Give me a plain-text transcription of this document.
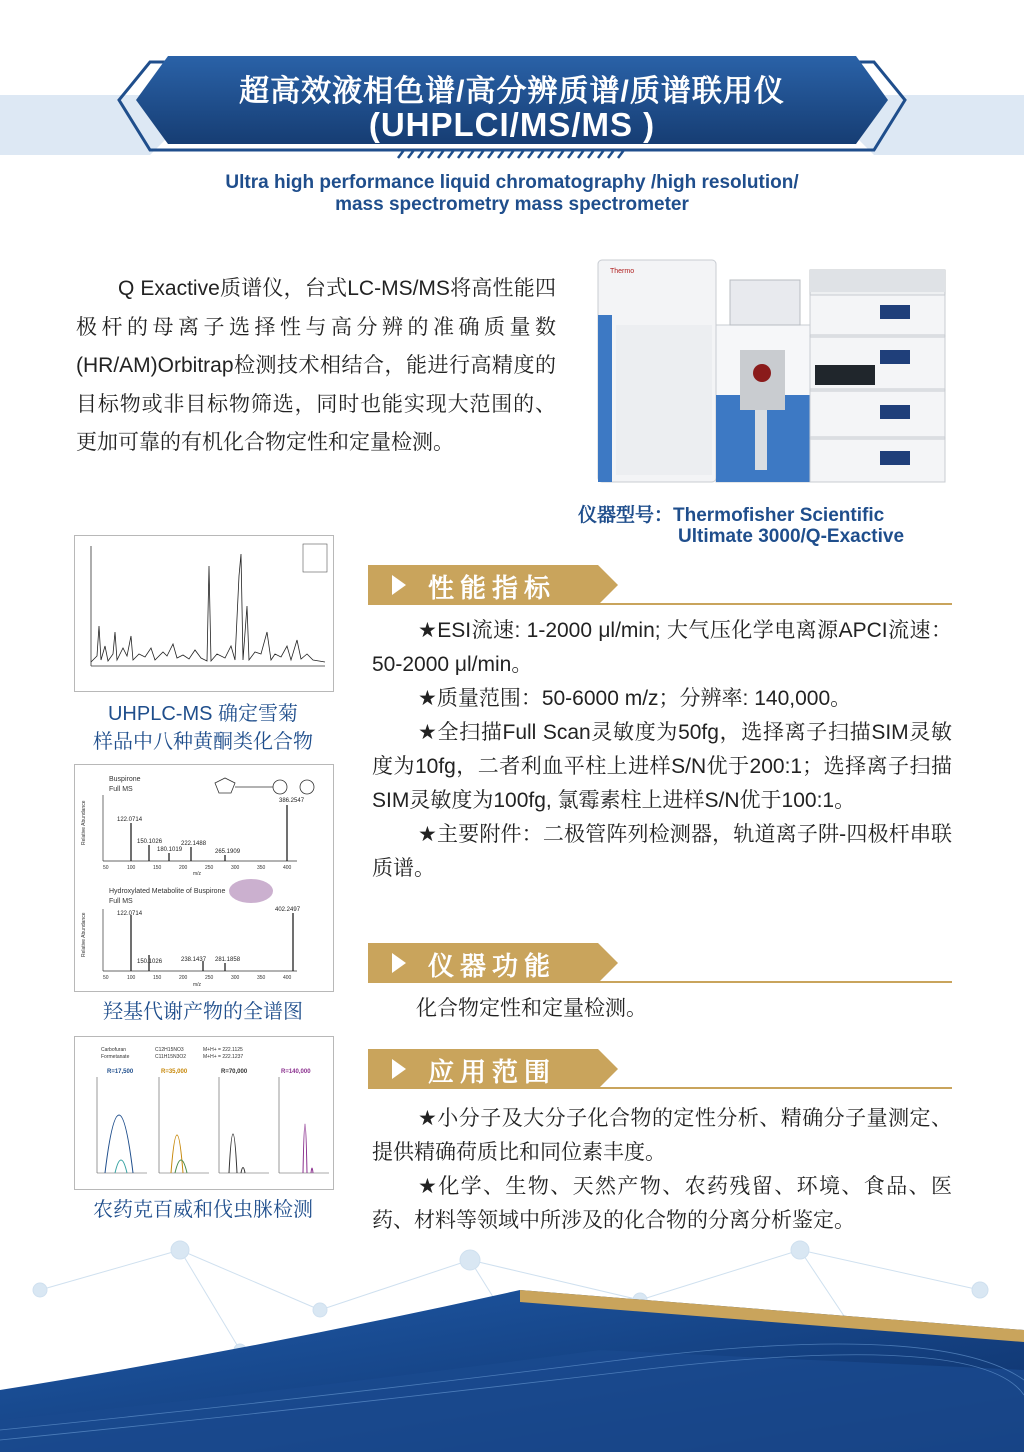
超高效液相色谱/高分辨质谱/质谱联用仪
(UHPLCI/MS/MS )
Ultra high performance liquid chromatography /high resolution/
mass spectrometry mass spectrometer

Q Exactive质谱仪，台式LC-MS/MS将高性能四极杆的母离子选择性与高分辨的准确质量数(HR/AM)Orbitrap检测技术相结合，能进行高精度的目标物或非目标物筛选，同时也能实现大范围的、更加可靠的有机化合物定性和定量检测。

Thermo
仪器型号：Thermofisher Scientific
Ultimate 3000/Q-Exactive
UHPLC-MS 确定雪菊
样品中八种黄酮类化合物
Buspirone
Full MS
122.0714
386.2547
150.1026
180.1019
222.1488
265.1909
Relative Abundance
50	100	150	200	250	300	350	400
m/z
Hydroxylated Metabolite of Buspirone
Full MS
122.0714
402.2497
150.1026	238.1437 281.1858
Relative Abundance
50	100	150	200	250	300	350	400
m/z
羟基代谢产物的全谱图
Carbofuran
Formetanate
C12H15NO3
C11H15N3O2
M+H+ = 222.1125
M+H+ = 222.1237
R=17,500	R=35,000	R=70,000	R=140,000
农药克百威和伐虫脒检测
性能指标
仪器功能
应用范围

★ESI流速: 1-2000 μl/min; 大气压化学电离源APCI流速：50-2000 μl/min。

★质量范围：50-6000 m/z；分辨率: 140,000。

★全扫描Full Scan灵敏度为50fg，选择离子扫描SIM灵敏度为10fg，二者利血平柱上进样S/N优于200:1；选择离子扫描 SIM灵敏度为100fg, 氯霉素柱上进样S/N优于100:1。

★主要附件：二极管阵列检测器，轨道离子阱-四极杆串联质谱。

化合物定性和定量检测。

★小分子及大分子化合物的定性分析、精确分子量测定、提供精确荷质比和同位素丰度。

★化学、生物、天然产物、农药残留、环境、食品、医药、材料等领域中所涉及的化合物的分离分析鉴定。
